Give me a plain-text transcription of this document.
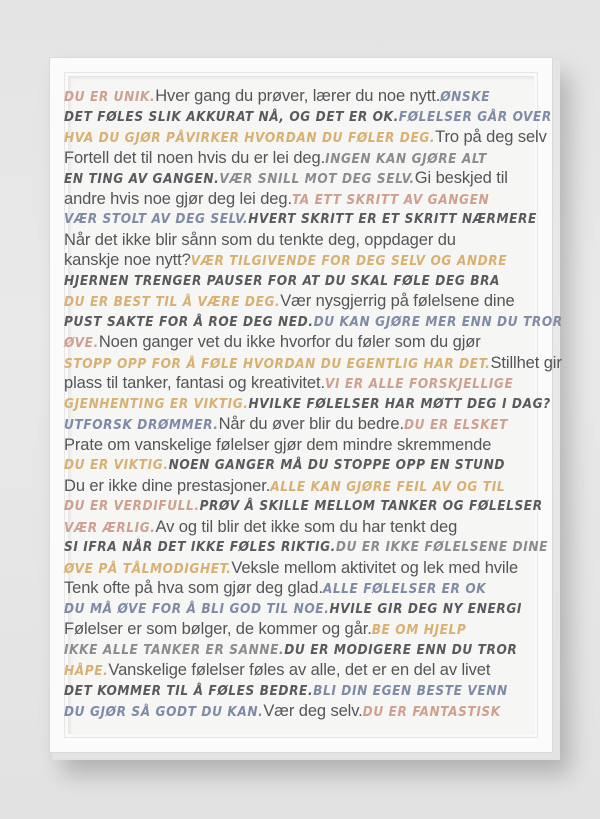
DU ER UNIK.Hver gang du prøver, lærer du noe nytt.ØNSKE
DET FØLES SLIK AKKURAT NÅ, OG DET ER OK.FØLELSER GÅR OVER
HVA DU GJØR PÅVIRKER HVORDAN DU FØLER DEG.Tro på deg selv
Fortell det til noen hvis du er lei deg.INGEN KAN GJØRE ALT
EN TING AV GANGEN.VÆR SNILL MOT DEG SELV.Gi beskjed til
andre hvis noe gjør deg lei deg.TA ETT SKRITT AV GANGEN
VÆR STOLT AV DEG SELV.HVERT SKRITT ER ET SKRITT NÆRMERE
Når det ikke blir sånn som du tenkte deg, oppdager du
kanskje noe nytt?VÆR TILGIVENDE FOR DEG SELV OG ANDRE
HJERNEN TRENGER PAUSER FOR AT DU SKAL FØLE DEG BRA
DU ER BEST TIL Å VÆRE DEG.Vær nysgjerrig på følelsene dine
PUST SAKTE FOR Å ROE DEG NED.DU KAN GJØRE MER ENN DU TROR
ØVE.Noen ganger vet du ikke hvorfor du føler som du gjør
STOPP OPP FOR Å FØLE HVORDAN DU EGENTLIG HAR DET.Stillhet gir
plass til tanker, fantasi og kreativitet.VI ER ALLE FORSKJELLIGE
GJENHENTING ER VIKTIG.HVILKE FØLELSER HAR MØTT DEG I DAG?
UTFORSK DRØMMER.Når du øver blir du bedre.DU ER ELSKET
Prate om vanskelige følelser gjør dem mindre skremmende
DU ER VIKTIG.NOEN GANGER MÅ DU STOPPE OPP EN STUND
Du er ikke dine prestasjoner.ALLE KAN GJØRE FEIL AV OG TIL
DU ER VERDIFULL.PRØV Å SKILLE MELLOM TANKER OG FØLELSER
VÆR ÆRLIG.Av og til blir det ikke som du har tenkt deg
SI IFRA NÅR DET IKKE FØLES RIKTIG.DU ER IKKE FØLELSENE DINE
ØVE PÅ TÅLMODIGHET.Veksle mellom aktivitet og lek med hvile
Tenk ofte på hva som gjør deg glad.ALLE FØLELSER ER OK
DU MÅ ØVE FOR Å BLI GOD TIL NOE.HVILE GIR DEG NY ENERGI
Følelser er som bølger, de kommer og går.BE OM HJELP
IKKE ALLE TANKER ER SANNE.DU ER MODIGERE ENN DU TROR
HÅPE.Vanskelige følelser føles av alle, det er en del av livet
DET KOMMER TIL Å FØLES BEDRE.BLI DIN EGEN BESTE VENN
DU GJØR SÅ GODT DU KAN.Vær deg selv.DU ER FANTASTISK
